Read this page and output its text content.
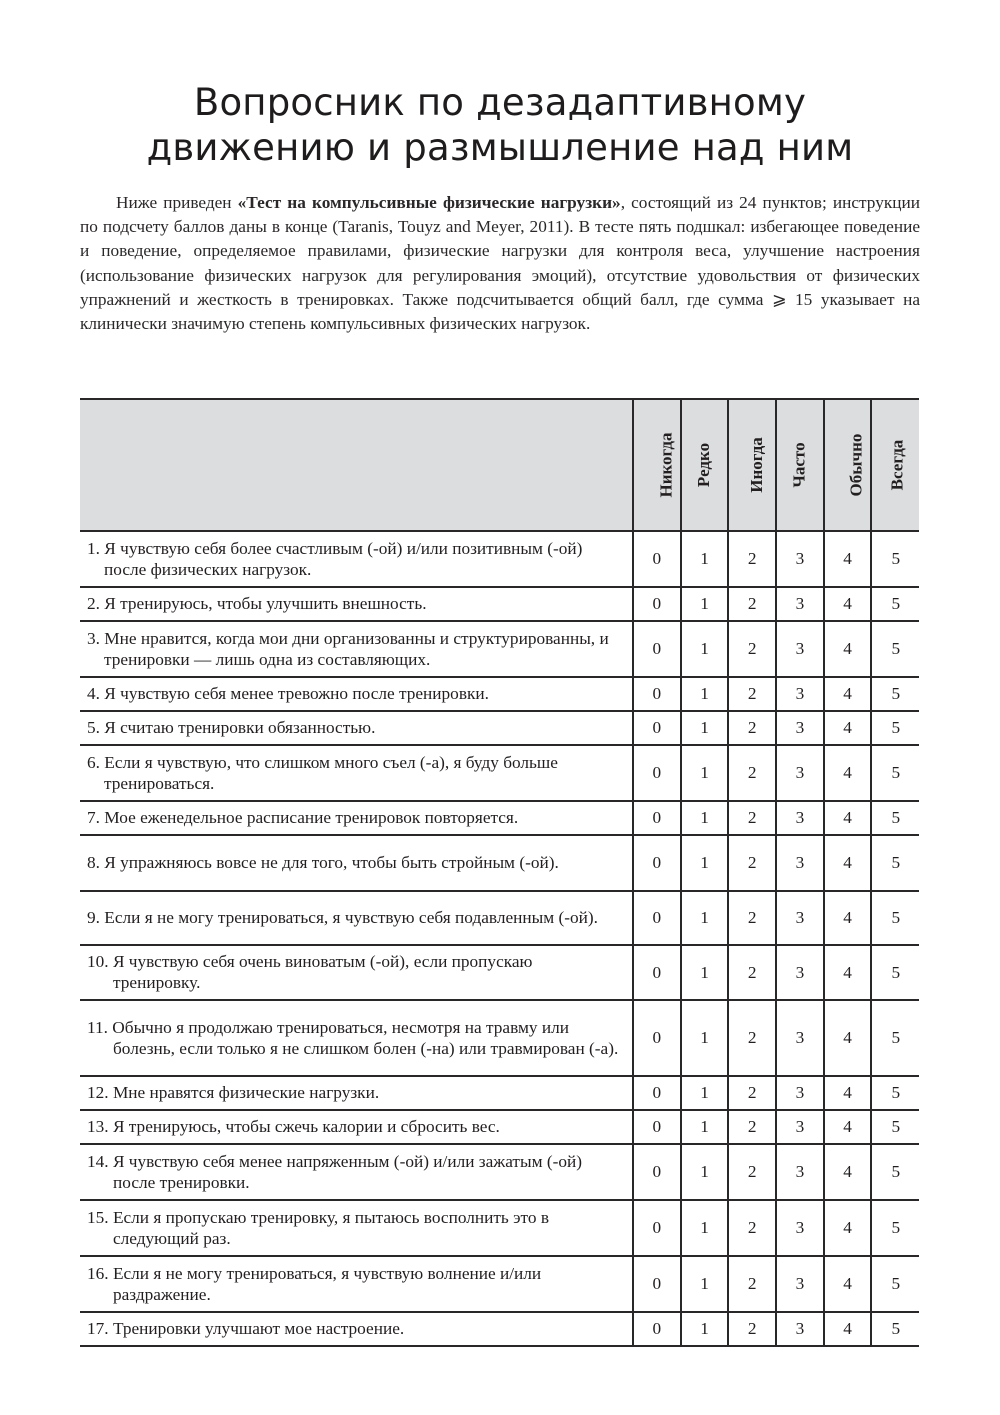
Вопросник по дезадаптивному
движению и размышление над ним

Ниже приведен «Тест на компульсивные физические нагрузки», состоящий из 24 пунктов; инструкции по подсчету баллов даны в конце (Taranis, Touyz and Meyer, 2011). В тесте пять подшкал: избегающее поведение и поведение, определяемое правилами, физические нагрузки для контроля веса, улучшение настроения (использование физических нагрузок для регулирования эмоций), отсутствие удовольствия от физических упражнений и жесткость в тренировках. Также подсчитывается общий балл, где сумма ⩾ 15 указывает на клинически значимую степень компульсивных физических нагрузок.

	Никогда	Редко	Иногда	Часто	Обычно	Всегда

1. Я чувствую себя более счастливым (-ой) и/или позитивным (-ой) после физических нагрузок.	0	1	2	3	4	5

2. Я тренируюсь, чтобы улучшить внешность.	0	1	2	3	4	5

3. Мне нравится, когда мои дни организованны и структурированны, и тренировки — лишь одна из составляющих.	0	1	2	3	4	5

4. Я чувствую себя менее тревожно после тренировки.	0	1	2	3	4	5

5. Я считаю тренировки обязанностью.	0	1	2	3	4	5

6. Если я чувствую, что слишком много съел (-а), я буду больше тренироваться.	0	1	2	3	4	5

7. Мое еженедельное расписание тренировок повторяется.	0	1	2	3	4	5

8. Я упражняюсь вовсе не для того, чтобы быть стройным (-ой).	0	1	2	3	4	5

9. Если я не могу тренироваться, я чувствую себя подавленным (-ой).	0	1	2	3	4	5

10. Я чувствую себя очень виноватым (-ой), если пропускаю тренировку.	0	1	2	3	4	5

11. Обычно я продолжаю тренироваться, несмотря на травму или болезнь, если только я не слишком болен (-на) или травмирован (-а).	0	1	2	3	4	5

12. Мне нравятся физические нагрузки.	0	1	2	3	4	5

13. Я тренируюсь, чтобы сжечь калории и сбросить вес.	0	1	2	3	4	5

14. Я чувствую себя менее напряженным (-ой) и/или зажатым (-ой) после тренировки.	0	1	2	3	4	5

15. Если я пропускаю тренировку, я пытаюсь восполнить это в следующий раз.	0	1	2	3	4	5

16. Если я не могу тренироваться, я чувствую волнение и/или раздражение.	0	1	2	3	4	5

17. Тренировки улучшают мое настроение.	0	1	2	3	4	5
